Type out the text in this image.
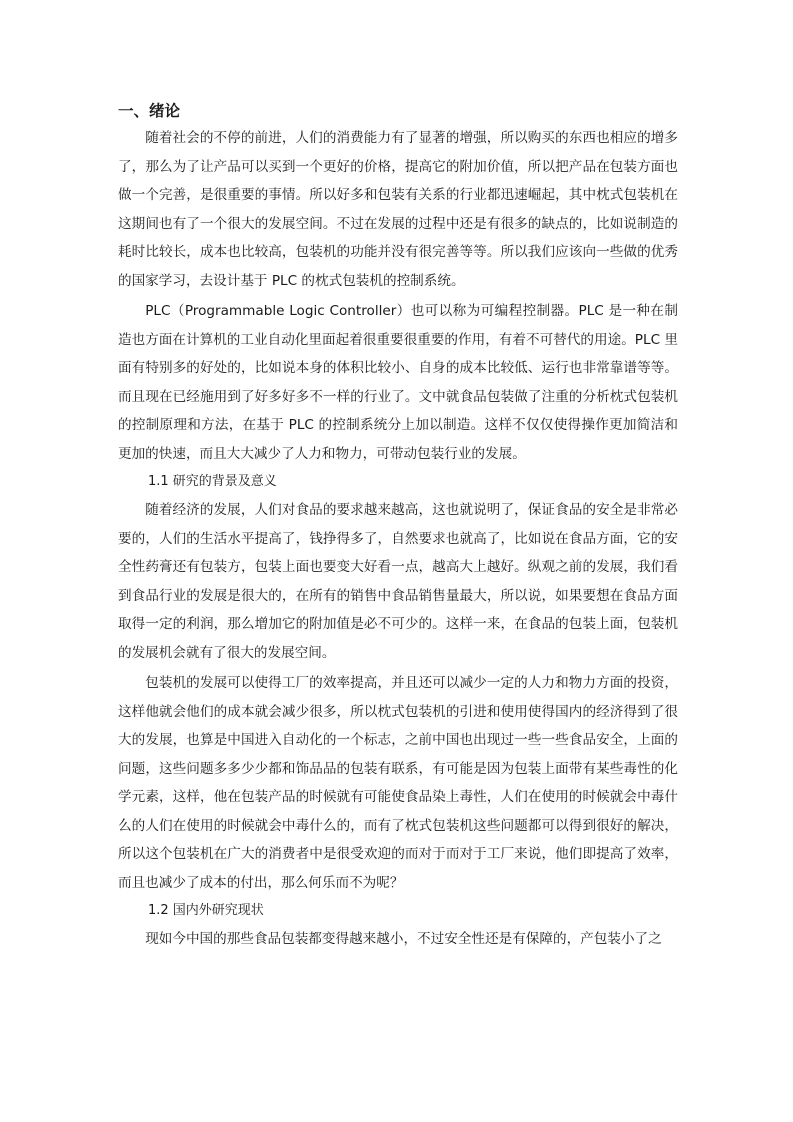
一、绪论

随着社会的不停的前进，人们的消费能力有了显著的增强，所以购买的东西也相应的增多了，那么为了让产品可以买到一个更好的价格，提高它的附加价值，所以把产品在包装方面也做一个完善，是很重要的事情。所以好多和包装有关系的行业都迅速崛起，其中枕式包装机在这期间也有了一个很大的发展空间。不过在发展的过程中还是有很多的缺点的，比如说制造的耗时比较长，成本也比较高，包装机的功能并没有很完善等等。所以我们应该向一些做的优秀的国家学习，去设计基于 PLC 的枕式包装机的控制系统。

PLC（Programmable Logic Controller）也可以称为可编程控制器。PLC 是一种在制造也方面在计算机的工业自动化里面起着很重要很重要的作用，有着不可替代的用途。PLC 里面有特别多的好处的，比如说本身的体积比较小、自身的成本比较低、运行也非常靠谱等等。而且现在已经施用到了好多好多不一样的行业了。文中就食品包装做了注重的分析枕式包装机的控制原理和方法，在基于 PLC 的控制系统分上加以制造。这样不仅仅使得操作更加简洁和更加的快速，而且大大减少了人力和物力，可带动包装行业的发展。

1.1 研究的背景及意义

随着经济的发展，人们对食品的要求越来越高，这也就说明了，保证食品的安全是非常必要的，人们的生活水平提高了，钱挣得多了，自然要求也就高了，比如说在食品方面，它的安全性药膏还有包装方，包装上面也要变大好看一点，越高大上越好。纵观之前的发展，我们看到食品行业的发展是很大的，在所有的销售中食品销售量最大，所以说，如果要想在食品方面取得一定的利润，那么增加它的附加值是必不可少的。这样一来，在食品的包装上面，包装机的发展机会就有了很大的发展空间。

包装机的发展可以使得工厂的效率提高，并且还可以减少一定的人力和物力方面的投资，这样他就会他们的成本就会减少很多，所以枕式包装机的引进和使用使得国内的经济得到了很大的发展，也算是中国进入自动化的一个标志，之前中国也出现过一些一些食品安全，上面的问题，这些问题多多少少都和饰品品的包装有联系，有可能是因为包装上面带有某些毒性的化学元素，这样，他在包装产品的时候就有可能使食品染上毒性，人们在使用的时候就会中毒什么的人们在使用的时候就会中毒什么的，而有了枕式包装机这些问题都可以得到很好的解决，所以这个包装机在广大的消费者中是很受欢迎的而对于而对于工厂来说，他们即提高了效率，而且也减少了成本的付出，那么何乐而不为呢？

1.2 国内外研究现状

现如今中国的那些食品包装都变得越来越小，不过安全性还是有保障的，产包装小了之
